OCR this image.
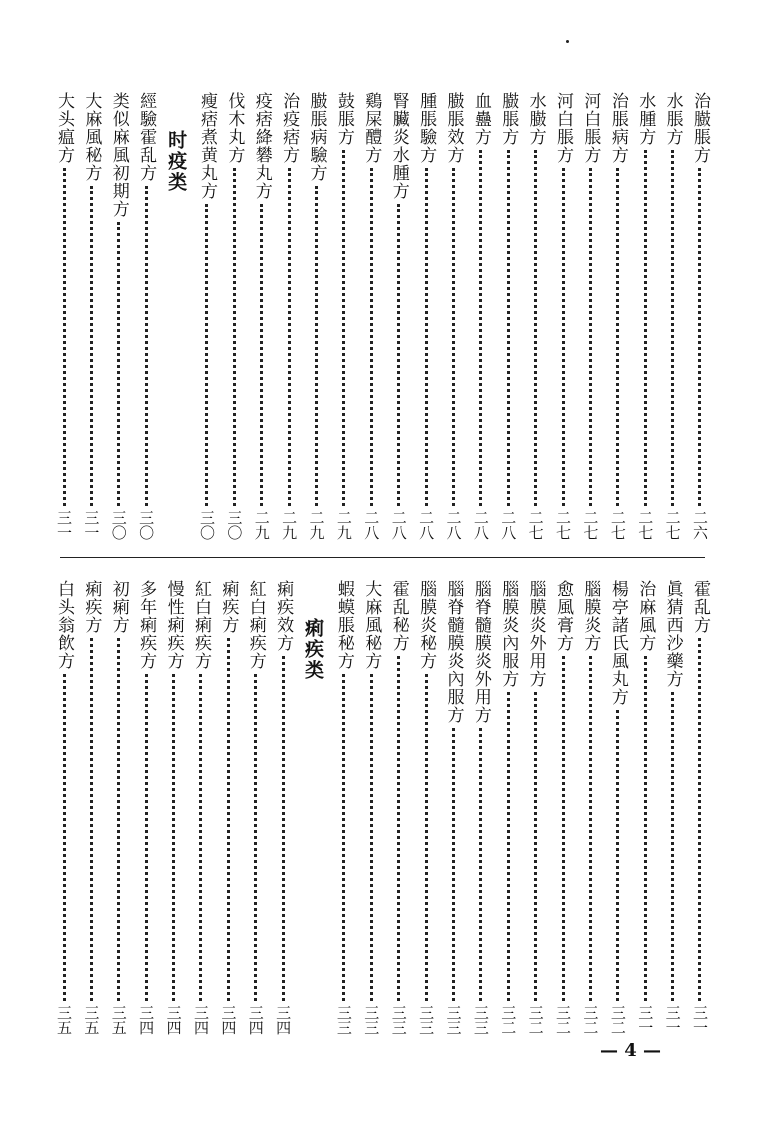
治臌脹方
二六
水脹方
二七
水腫方
二七
治脹病方
二七
河白脹方
二七
河白脹方
二七
水臌方
二七
臌脹方
二八
血蠱方
二八
臌脹效方
二八
腫脹驗方
二八
腎臟炎水腫方
二八
鷄屎醴方
二八
鼓脹方
二九
臌脹病驗方
二九
治疫痞方
二九
疫痞絳礬丸方
二九
伐木丸方
三〇
瘦痞煮黄丸方
三〇
时疫类
經驗霍乱方
三〇
类似麻風初期方
三〇
大麻風秘方
三一
大头瘟方
三一
霍乱方
三一
眞猜西沙藥方
三一
治麻風方
三一
楊亭諸氏風丸方
三二
腦膜炎方
三二
愈風膏方
三二
腦膜炎外用方
三二
腦膜炎內服方
三二
腦脊髓膜炎外用方
三三
腦脊髓膜炎內服方
三三
腦膜炎秘方
三三
霍乱秘方
三三
大麻風秘方
三三
蝦蟆脹秘方
三三
痢疾类
痢疾效方
三四
紅白痢疾方
三四
痢疾方
三四
紅白痢疾方
三四
慢性痢疾方
三四
多年痢疾方
三四
初痢方
三五
痢疾方
三五
白头翁飲方
三五
— 4 —
